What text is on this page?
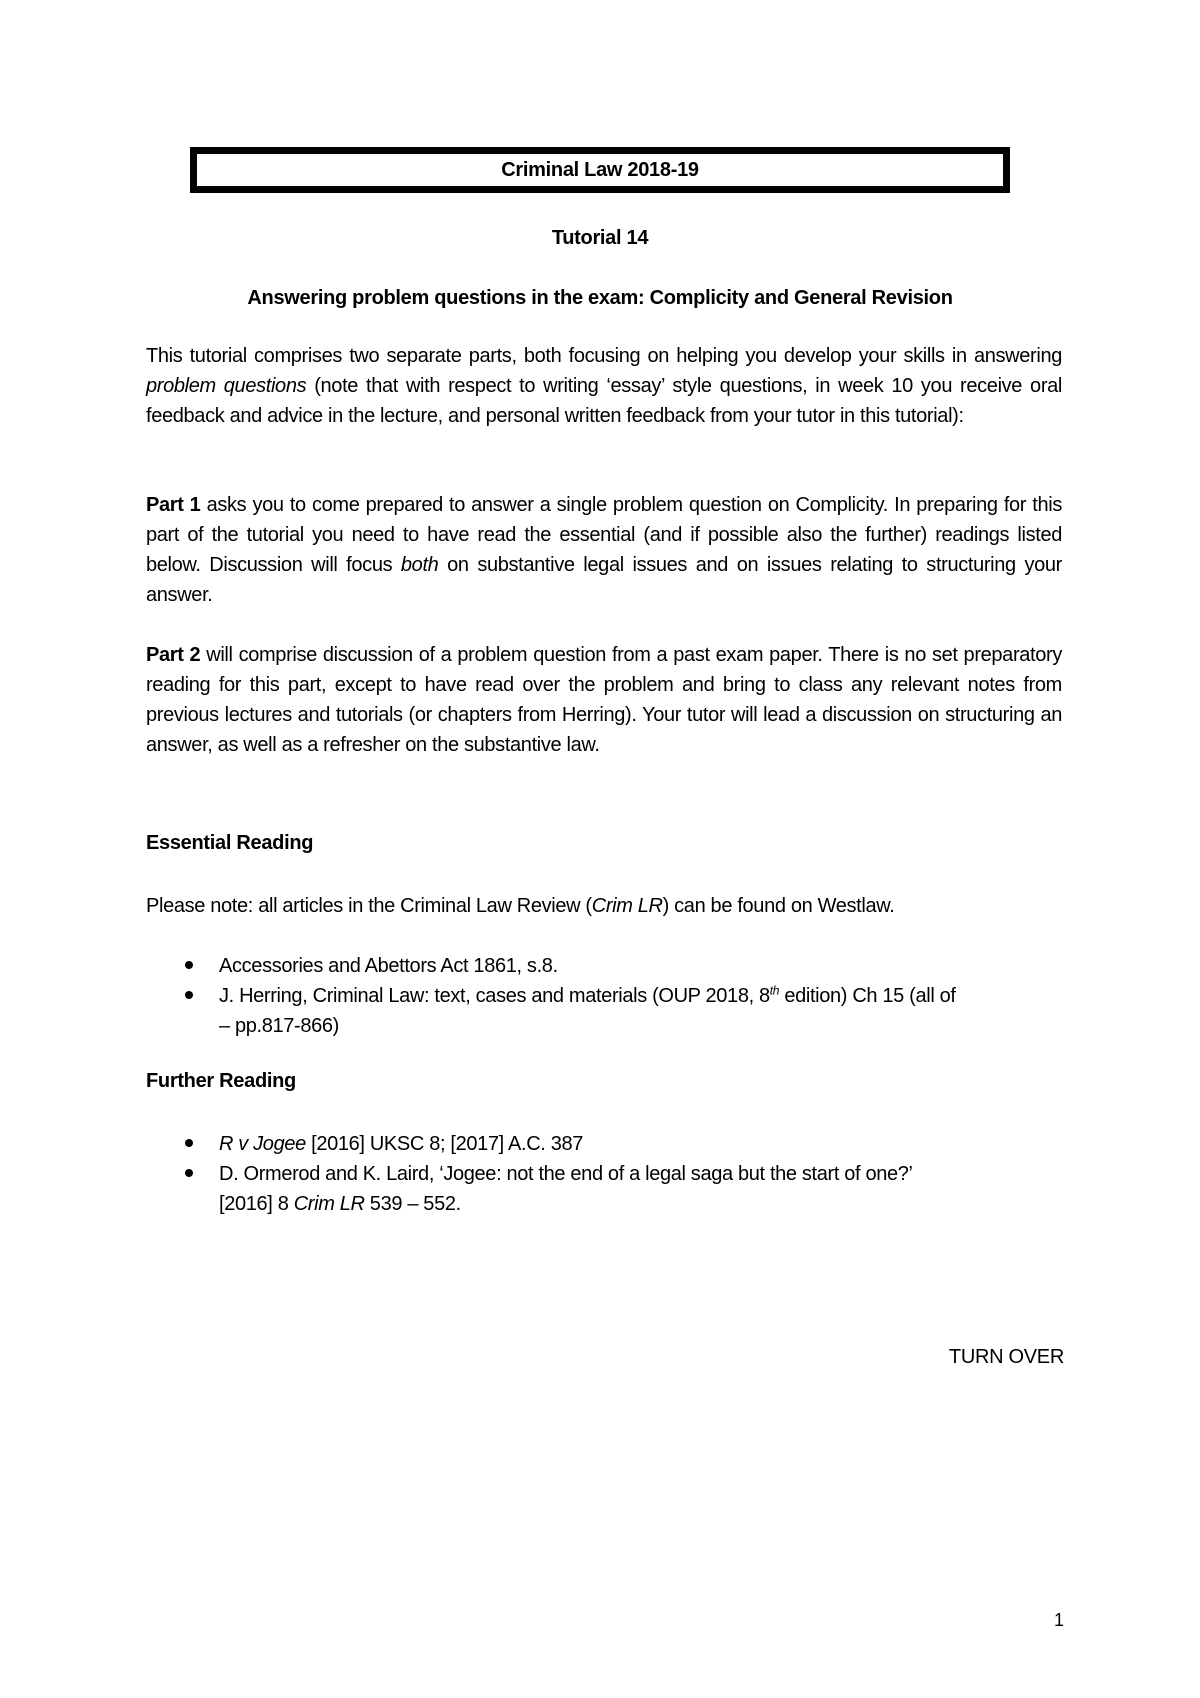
Criminal Law 2018-19
Tutorial 14
Answering problem questions in the exam: Complicity and General Revision
This tutorial comprises two separate parts, both focusing on helping you develop your skills in answering problem questions (note that with respect to writing ‘essay’ style questions, in week 10 you receive oral feedback and advice in the lecture, and personal written feedback from your tutor in this tutorial):
Part 1 asks you to come prepared to answer a single problem question on Complicity. In preparing for this part of the tutorial you need to have read the essential (and if possible also the further) readings listed below. Discussion will focus both on substantive legal issues and on issues relating to structuring your answer.
Part 2 will comprise discussion of a problem question from a past exam paper. There is no set preparatory reading for this part, except to have read over the problem and bring to class any relevant notes from previous lectures and tutorials (or chapters from Herring). Your tutor will lead a discussion on structuring an answer, as well as a refresher on the substantive law.
Essential Reading
Please note: all articles in the Criminal Law Review (Crim LR) can be found on Westlaw.
Accessories and Abettors Act 1861, s.8.
J. Herring, Criminal Law: text, cases and materials (OUP 2018, 8th edition) Ch 15 (all of – pp.817-866)
Further Reading
R v Jogee [2016] UKSC 8; [2017] A.C. 387
D. Ormerod and K. Laird, ‘Jogee: not the end of a legal saga but the start of one?’ [2016] 8 Crim LR 539 – 552.
TURN OVER
1
